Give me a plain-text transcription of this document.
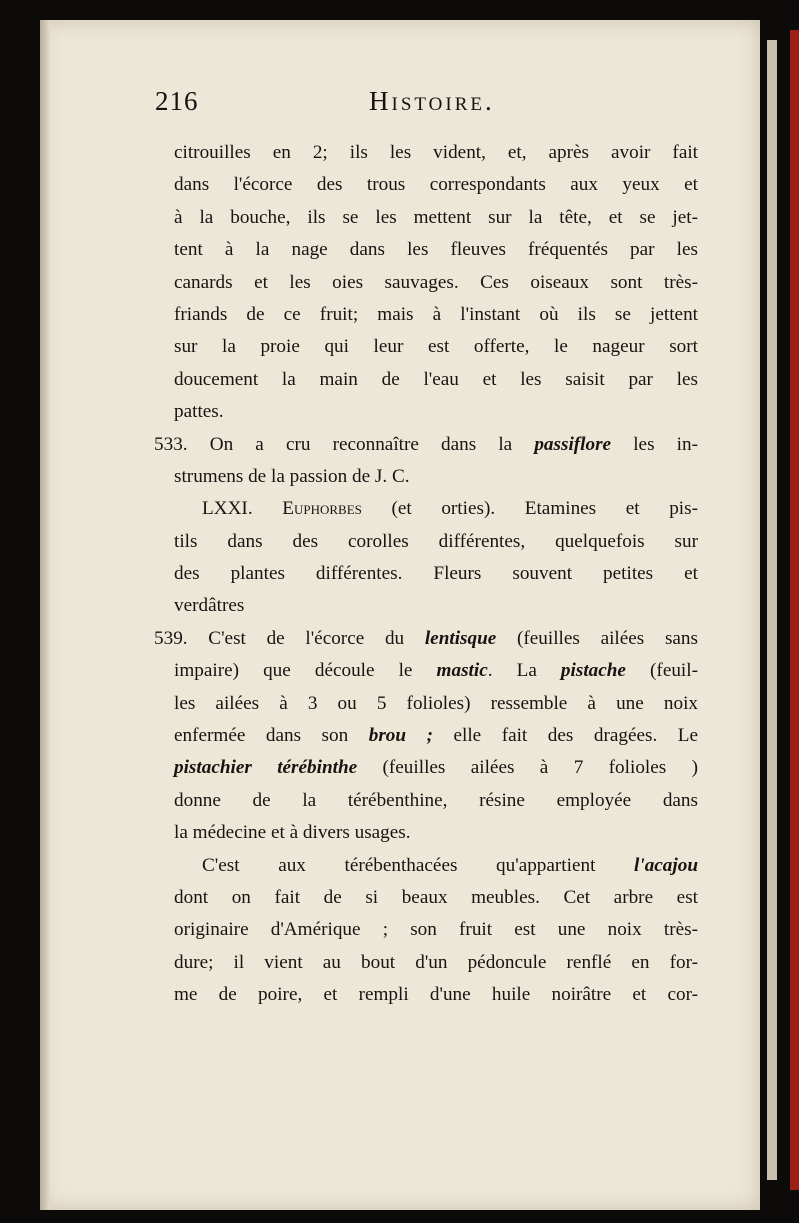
216	Histoire.
citrouilles en 2; ils les vident, et, après avoir fait
dans l'écorce des trous correspondants aux yeux et
à la bouche, ils se les mettent sur la tête, et se jet-
tent à la nage dans les fleuves fréquentés par les
canards et les oies sauvages. Ces oiseaux sont très-
friands de ce fruit; mais à l'instant où ils se jettent
sur la proie qui leur est offerte, le nageur sort
doucement la main de l'eau et les saisit par les
pattes.
533. On a cru reconnaître dans la passiflore les in-
strumens de la passion de J. C.
LXXI. Euphorbes (et orties). Etamines et pis-
tils dans des corolles différentes, quelquefois sur
des plantes différentes. Fleurs souvent petites et
verdâtres
539. C'est de l'écorce du lentisque (feuilles ailées sans
impaire) que découle le mastic. La pistache (feuil-
les ailées à 3 ou 5 folioles) ressemble à une noix
enfermée dans son brou ; elle fait des dragées. Le
pistachier térébinthe (feuilles ailées à 7 folioles )
donne de la térébenthine, résine employée dans
la médecine et à divers usages.
C'est aux térébenthacées qu'appartient l'acajou
dont on fait de si beaux meubles. Cet arbre est
originaire d'Amérique ; son fruit est une noix très-
dure; il vient au bout d'un pédoncule renflé en for-
me de poire, et rempli d'une huile noirâtre et cor-
